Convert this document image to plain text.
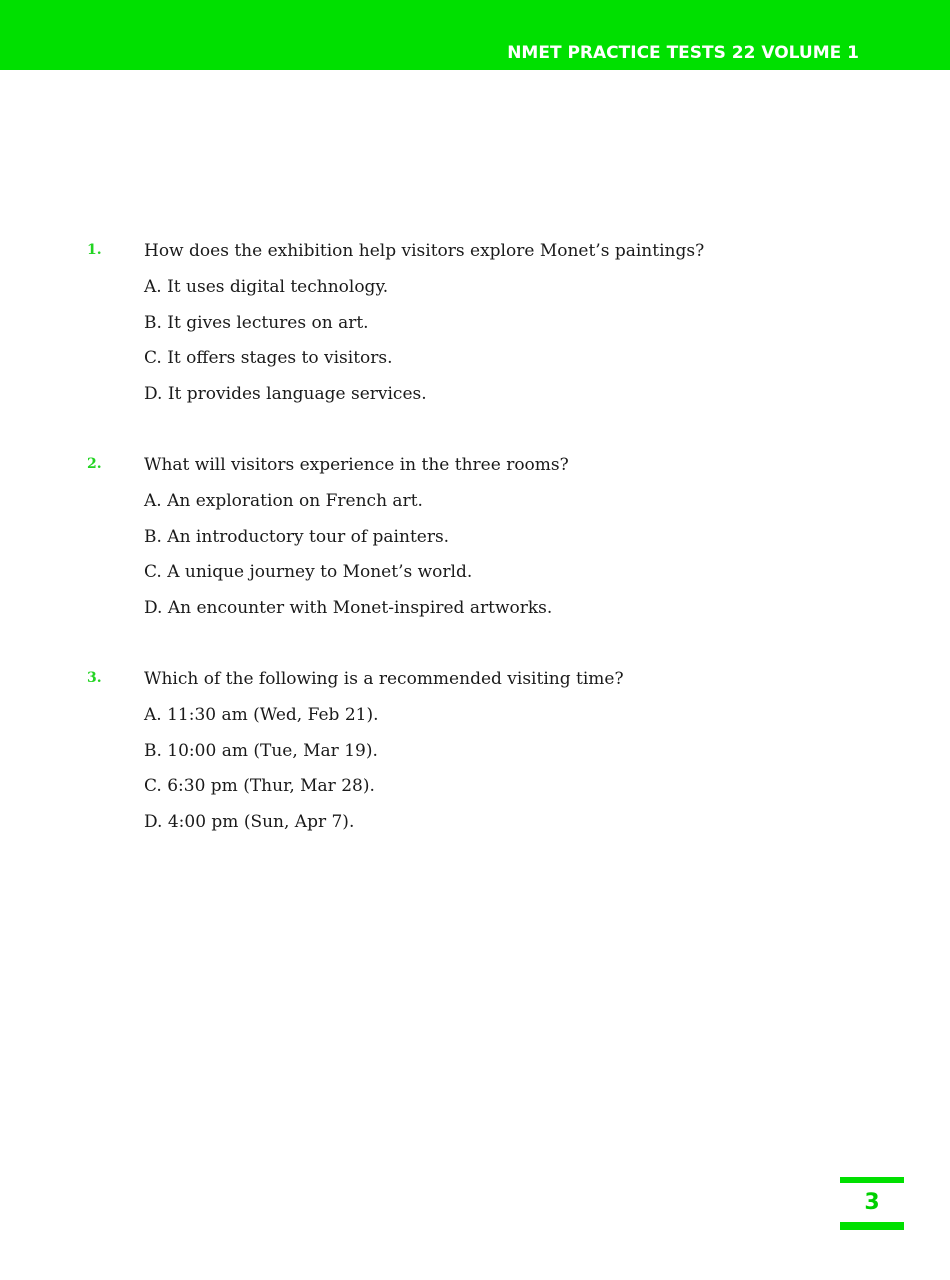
NMET PRACTICE TESTS 22 VOLUME 1
1. How does the exhibition help visitors explore Monet’s paintings?
A. It uses digital technology.
B. It gives lectures on art.
C. It offers stages to visitors.
D. It provides language services.
2. What will visitors experience in the three rooms?
A. An exploration on French art.
B. An introductory tour of painters.
C. A unique journey to Monet’s world.
D. An encounter with Monet-inspired artworks.
3. Which of the following is a recommended visiting time?
A. 11:30 am (Wed, Feb 21).
B. 10:00 am (Tue, Mar 19).
C. 6:30 pm (Thur, Mar 28).
D. 4:00 pm (Sun, Apr 7).
3
